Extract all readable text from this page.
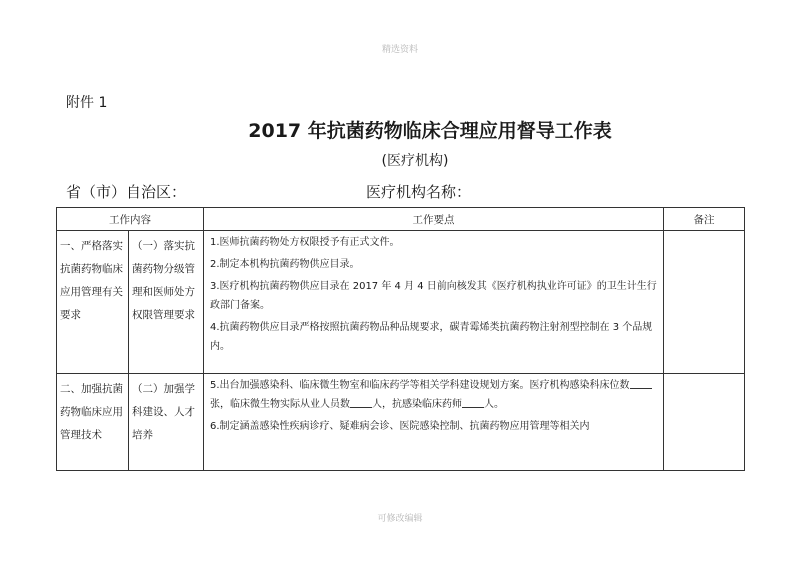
精选资料
附件 1
2017 年抗菌药物临床合理应用督导工作表
(医疗机构)
省（市）自治区：	医疗机构名称：
工作内容		工作要点	备注
一、严格落实抗菌药物临床应用管理有关要求	（一）落实抗菌药物分级管理和医师处方权限管理要求	1.医师抗菌药物处方权限授予有正式文件。
2.制定本机构抗菌药物供应目录。
3.医疗机构抗菌药物供应目录在 2017 年 4 月 4 日前向核发其《医疗机构执业许可证》的卫生计生行政部门备案。
4.抗菌药物供应目录严格按照抗菌药物品种品规要求，碳青霉烯类抗菌药物注射剂型控制在 3 个品规内。	

二、加强抗菌药物临床应用管理技术	（二）加强学科建设、人才培养	5.出台加强感染科、临床微生物室和临床药学等相关学科建设规划方案。医疗机构感染科床位数张，临床微生物实际从业人员数 人，抗感染临床药师 人。
6.制定涵盖感染性疾病诊疗、疑难病会诊、医院感染控制、抗菌药物应用管理等相关内	

可修改编辑
